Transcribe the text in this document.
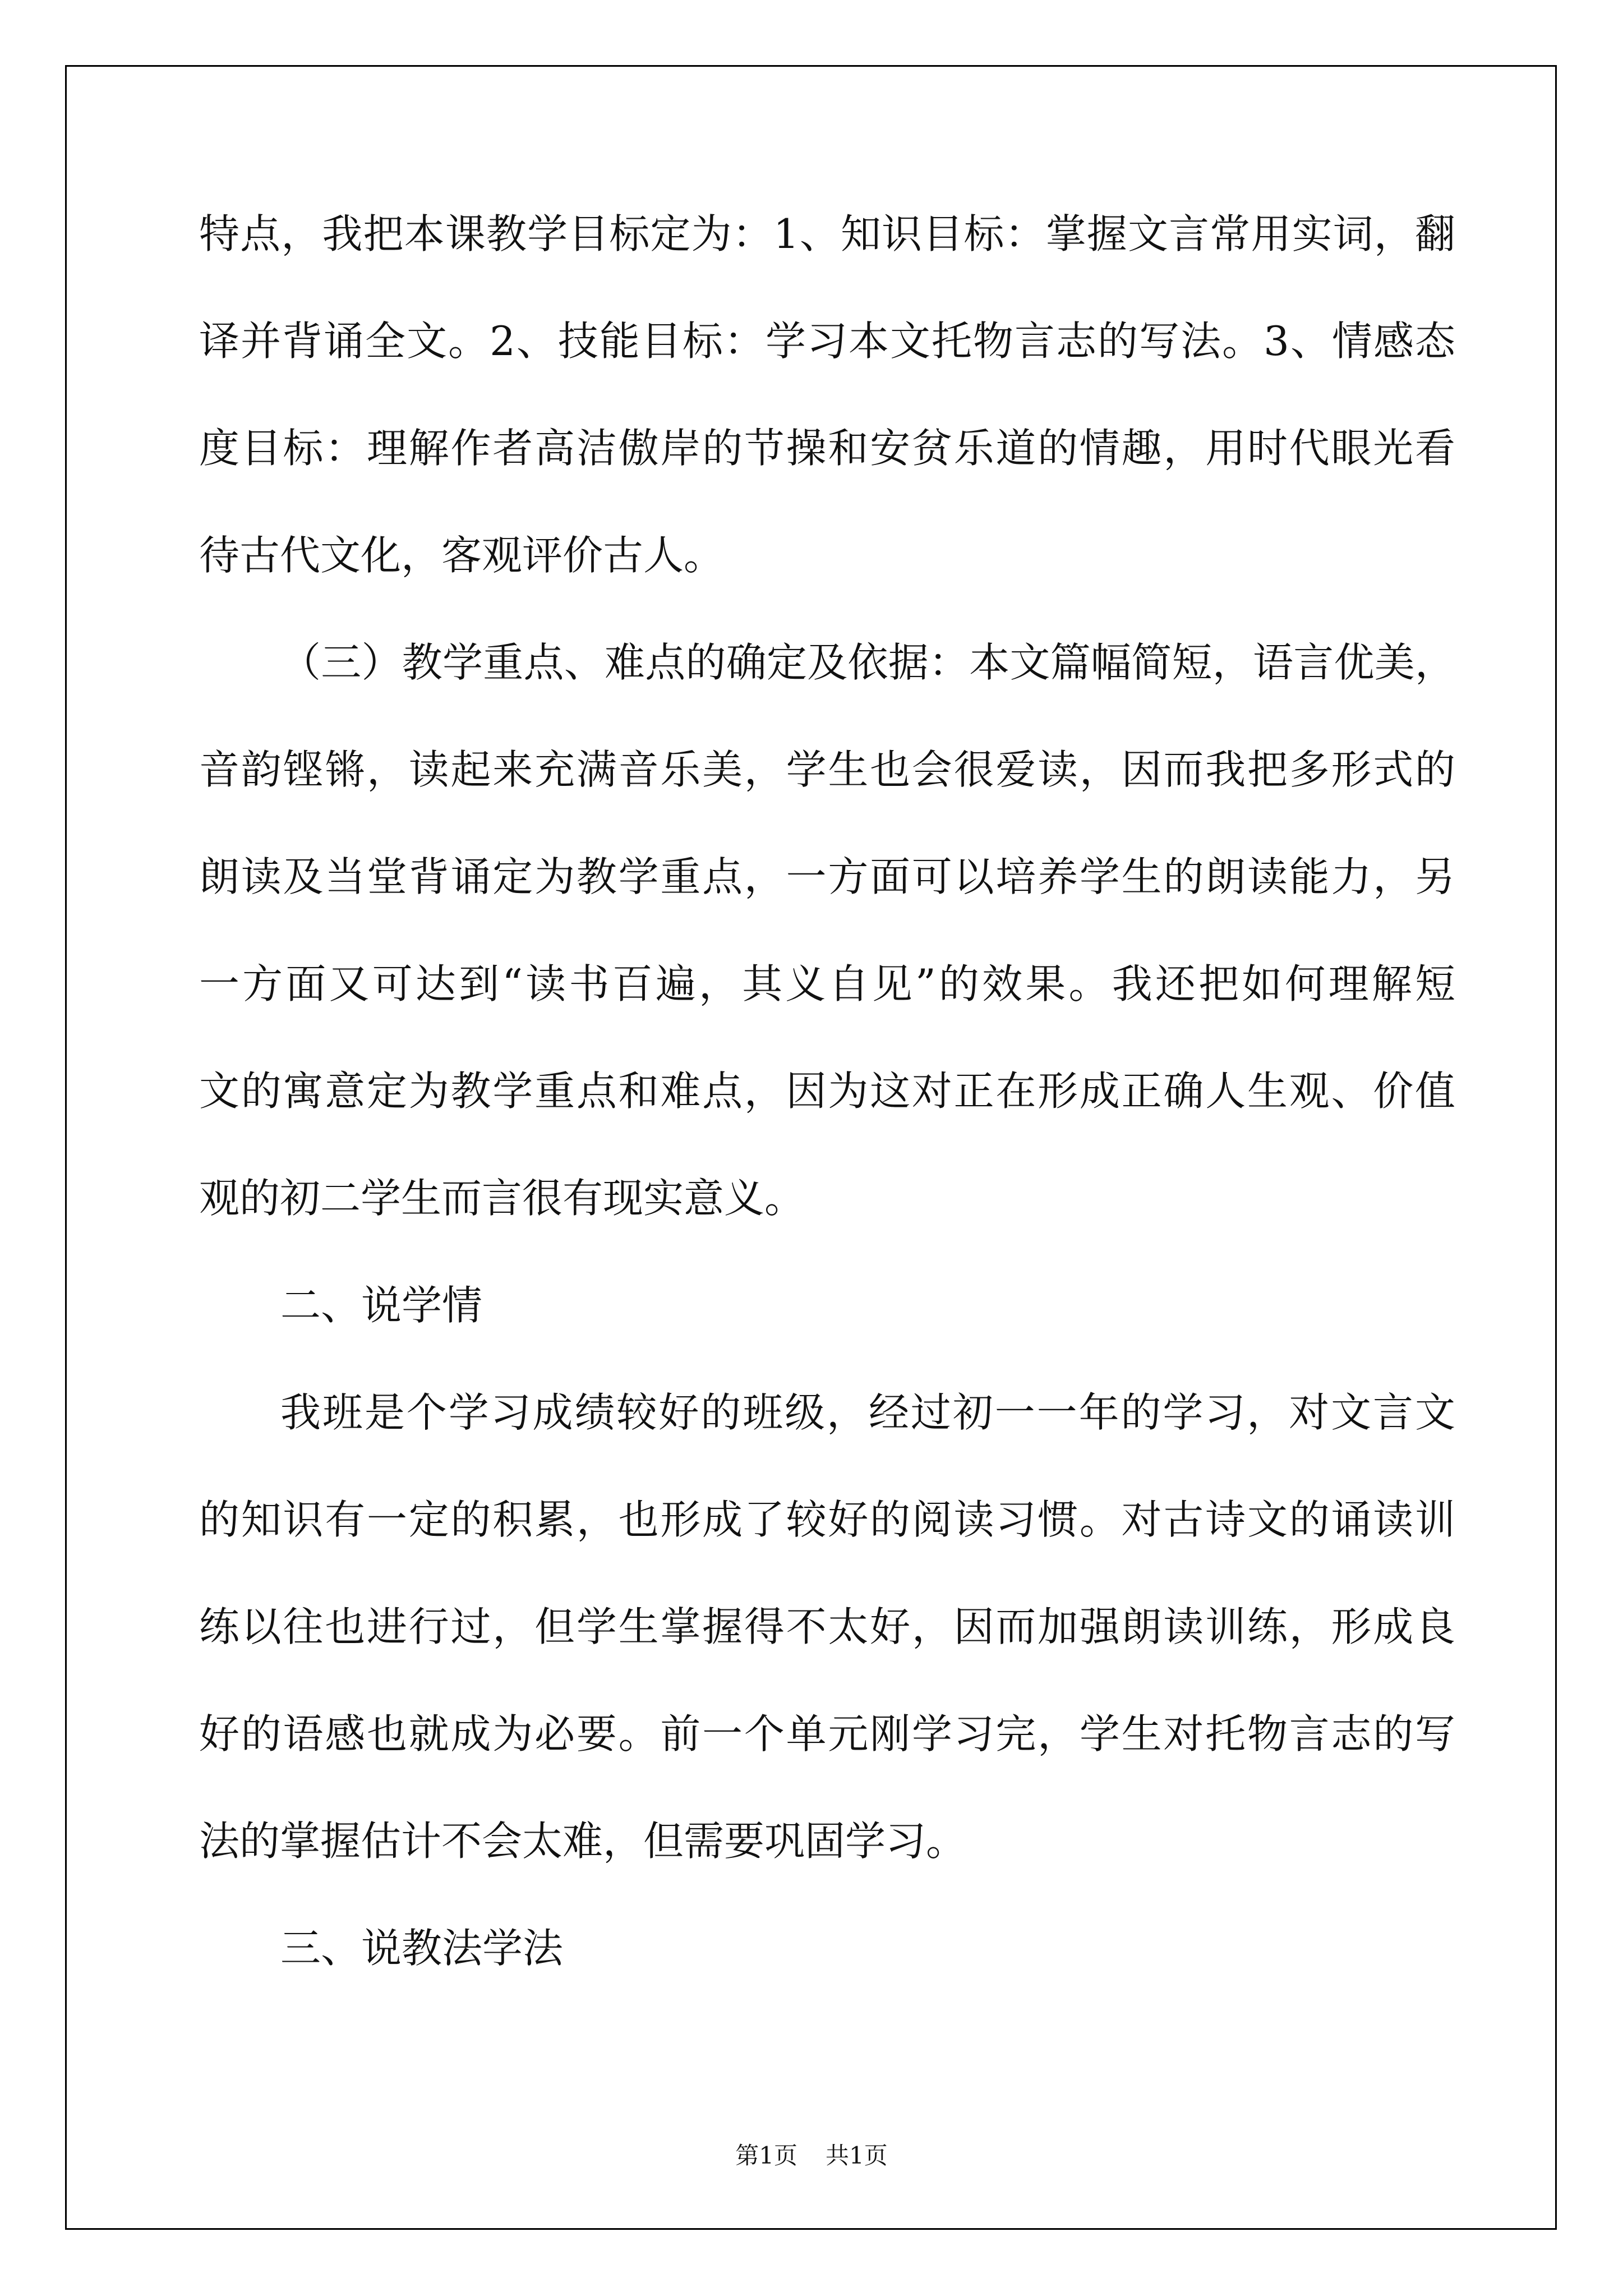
特点，我把本课教学目标定为：1、知识目标：掌握文言常用实词，翻
译并背诵全文。2、技能目标：学习本文托物言志的写法。3、情感态
度目标：理解作者高洁傲岸的节操和安贫乐道的情趣，用时代眼光看
待古代文化，客观评价古人。
（三）教学重点、难点的确定及依据：本文篇幅简短，语言优美，
音韵铿锵，读起来充满音乐美，学生也会很爱读，因而我把多形式的
朗读及当堂背诵定为教学重点，一方面可以培养学生的朗读能力，另
一方面又可达到“读书百遍，其义自见”的效果。我还把如何理解短
文的寓意定为教学重点和难点，因为这对正在形成正确人生观、价值
观的初二学生而言很有现实意义。
二、说学情
我班是个学习成绩较好的班级，经过初一一年的学习，对文言文
的知识有一定的积累，也形成了较好的阅读习惯。对古诗文的诵读训
练以往也进行过，但学生掌握得不太好，因而加强朗读训练，形成良
好的语感也就成为必要。前一个单元刚学习完，学生对托物言志的写
法的掌握估计不会太难，但需要巩固学习。
三、说教法学法
第1页 共1页
